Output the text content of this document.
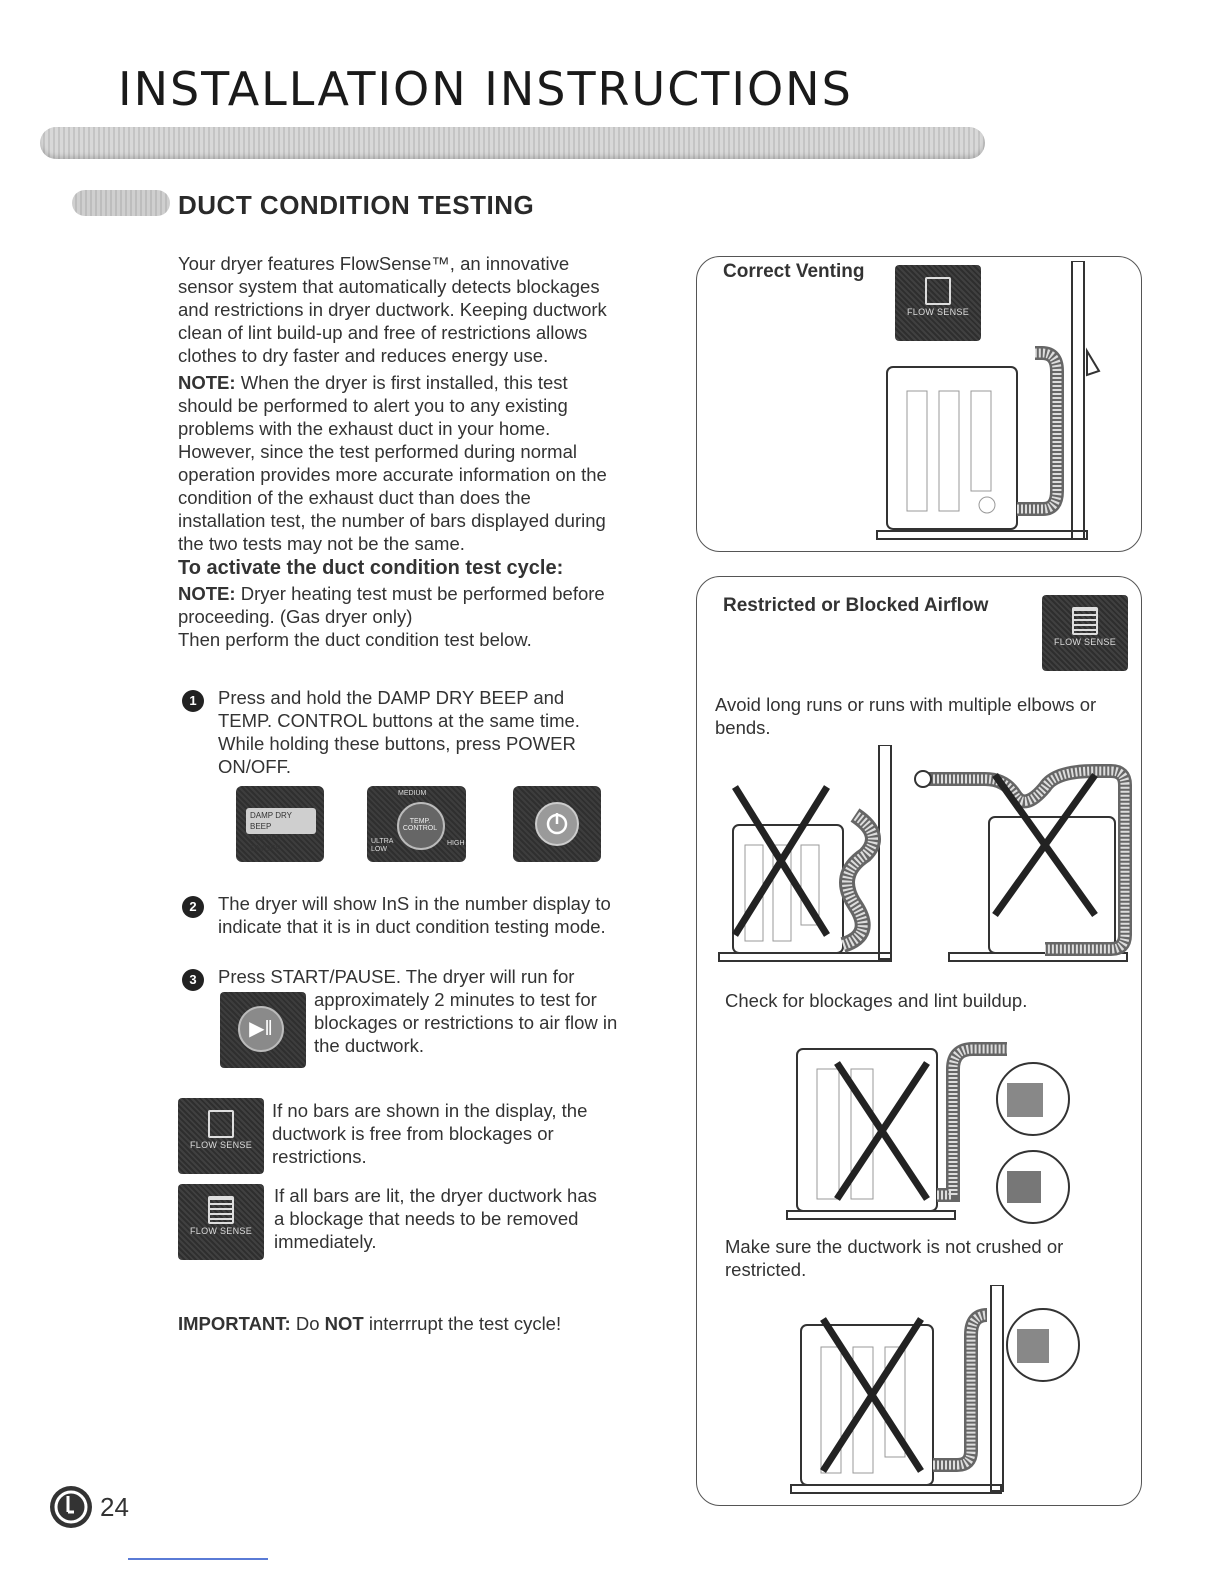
INSTALLATION INSTRUCTIONS
DUCT CONDITION TESTING

Your dryer features FlowSense™, an innovative sensor system that automatically detects blockages and restrictions in dryer ductwork. Keeping ductwork clean of lint build-up and free of restrictions allows clothes to dry faster and reduces energy use.

NOTE: When the dryer is first installed, this test should be performed to alert you to any existing problems with the exhaust duct in your home. However, since the test performed during normal operation provides more accurate information on the condition of the exhaust duct than does the installation test, the number of bars displayed during the two tests may not be the same.

To activate the duct condition test cycle:

NOTE: Dryer heating test must be performed before proceeding. (Gas dryer only)

Then perform the duct condition test below.

1	Press and hold the DAMP DRY BEEP and TEMP. CONTROL buttons at the same time. While holding these buttons, press POWER ON/OFF.
DAMP DRY BEEP
BEEPER ON/OFF
MEDIUM
TEMP. CONTROL
ULTRA LOW
HIGH
2	The dryer will show InS in the number display to indicate that it is in duct condition testing mode.
3	Press START/PAUSE. The dryer will run for
▶︎‖
approximately 2 minutes to test for blockages or restrictions to air flow in the ductwork.
FLOW SENSE
If no bars are shown in the display, the ductwork is free from blockages or restrictions.
FLOW SENSE
If all bars are lit, the dryer ductwork has a blockage that needs to be removed immediately.
IMPORTANT: Do NOT interrrupt the test cycle!
Correct Venting
FLOW SENSE
Restricted or Blocked Airflow
FLOW SENSE
Avoid long runs or runs with multiple elbows or bends.
Check for blockages and lint buildup.
Make sure the ductwork is not crushed or restricted.
24
